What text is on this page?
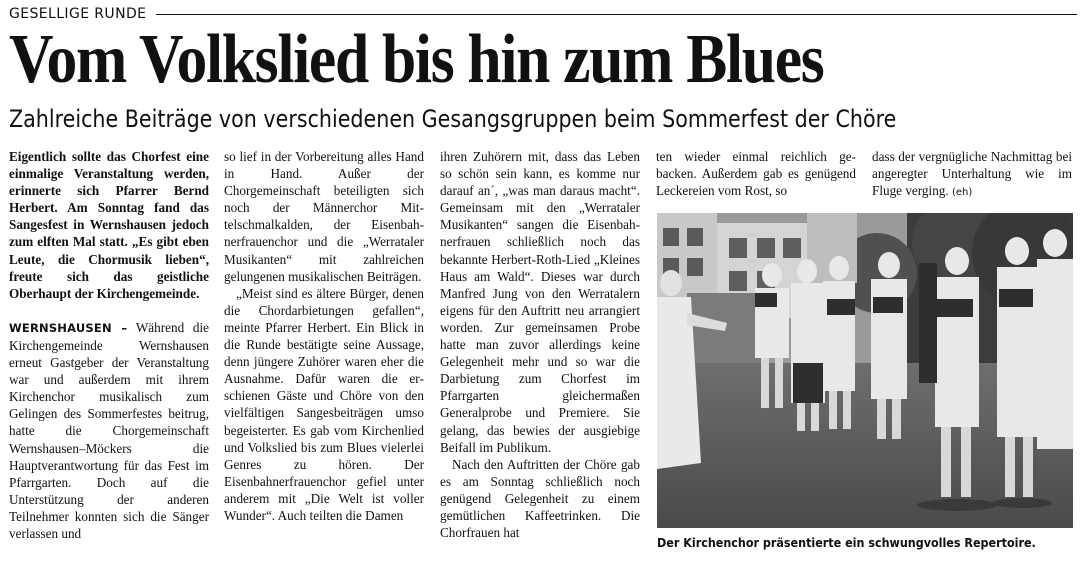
GESELLIGE RUNDE
Vom Volkslied bis hin zum Blues
Zahlreiche Beiträge von verschiedenen Gesangsgruppen beim Sommerfest der Chöre

Eigentlich sollte das Chorfest eine einmalige Veranstaltung werden, erinnerte sich Pfarrer Bernd Herbert. Am Sonntag fand das Sangesfest in Wernshausen jedoch zum elften Mal statt. „Es gibt eben Leute, die Chormusik lieben“, freute sich das geistliche Oberhaupt der Kirchengemeinde.

WERNSHAUSEN – Während die Kirchengemeinde Wernshausen erneut Gastgeber der Veranstaltung war und außerdem mit ihrem Kirchenchor musikalisch zum Gelingen des Sommerfestes beitrug, hatte die Chorgemeinschaft Wernshausen–Möckers die Hauptverantwortung für das Fest im Pfarrgarten. Doch auf die Unterstützung der anderen Teilnehmer konnten sich die Sänger verlassen und

so lief in der Vorbereitung alles Hand in Hand. Außer der Chorgemeinschaft beteiligten sich noch der Männerchor Mittelschmalkalden, der Eisenbahnerfrauenchor und die „Werrataler Musikanten“ mit zahlreichen gelungenen musikalischen Beiträgen.

„Meist sind es ältere Bürger, denen die Chordarbietungen gefallen“, meinte Pfarrer Herbert. Ein Blick in die Runde bestätigte seine Aussage, denn jüngere Zuhörer waren eher die Ausnahme. Dafür waren die erschienen Gäste und Chöre von den vielfältigen Sangesbeiträgen umso begeisterter. Es gab vom Kirchenlied und Volkslied bis zum Blues vielerlei Genres zu hören. Der Eisenbahnerfrauenchor gefiel unter anderem mit „Die Welt ist voller Wunder“. Auch teilten die Damen

ihren Zuhörern mit, dass das Leben so schön sein kann, es komme nur darauf an´, „was man daraus macht“. Gemeinsam mit den „Werrataler Musikanten“ sangen die Eisenbahnerfrauen schließlich noch das bekannte Herbert-Roth-Lied „Kleines Haus am Wald“. Dieses war durch Manfred Jung von den Werratalern eigens für den Auftritt neu arrangiert worden. Zur gemeinsamen Probe hatte man zuvor allerdings keine Gelegenheit mehr und so war die Darbietung zum Chorfest im Pfarrgarten gleichermaßen Generalprobe und Premiere. Sie gelang, das bewies der ausgiebige Beifall im Publikum.

Nach den Auftritten der Chöre gab es am Sonntag schließlich noch genügend Gelegenheit zu einem gemütlichen Kaffeetrinken. Die Chorfrauen hat

ten wieder einmal reichlich gebacken. Außerdem gab es genügend Leckereien vom Rost, so

dass der vergnügliche Nachmittag bei angeregter Unterhaltung wie im Fluge verging. (eh)

Der Kirchenchor präsentierte ein schwungvolles Repertoire.
